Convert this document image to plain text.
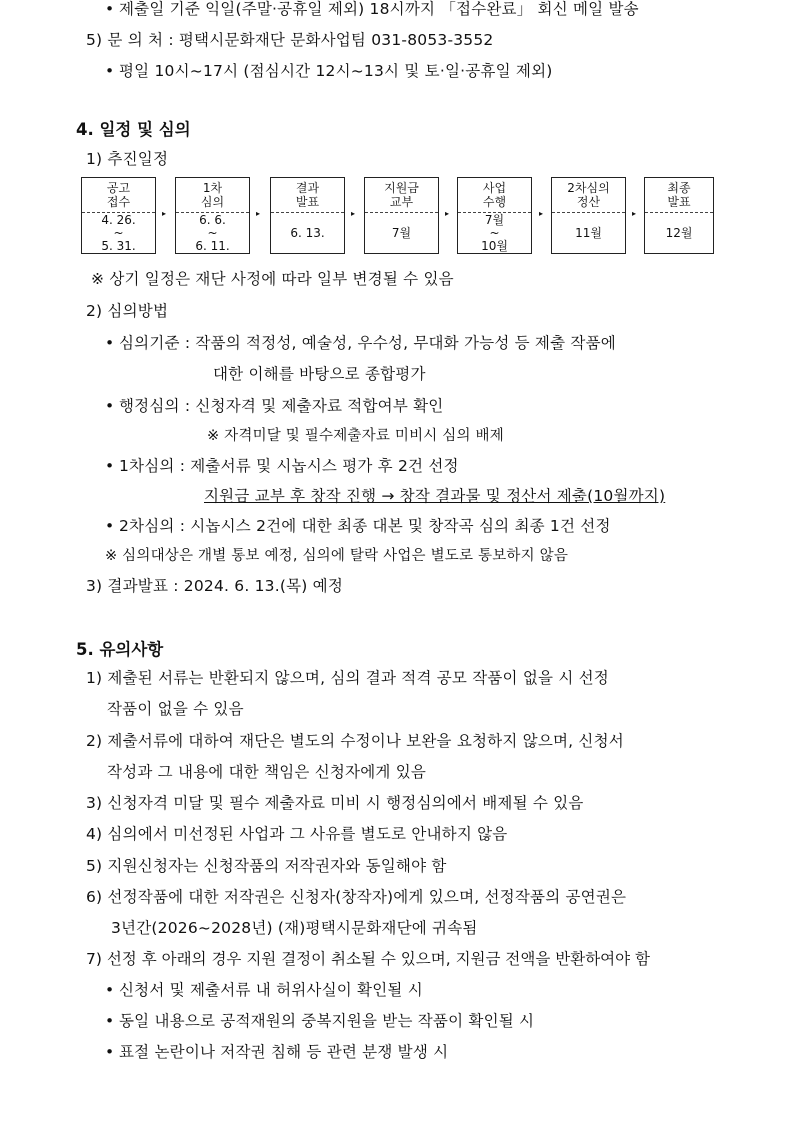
• 제출일 기준 익일(주말·공휴일 제외) 18시까지 「접수완료」 회신 메일 발송
5) 문 의 처 : 평택시문화재단 문화사업팀 031-8053-3552
• 평일 10시~17시 (점심시간 12시~13시 및 토·일·공휴일 제외)
4. 일정 및 심의
1) 추진일정
공고
접수
4. 26.
~
5. 31.
▸
1차
심의
6. 6.
~
6. 11.
▸
결과
발표
6. 13.
▸
지원금
교부
7월
▸
사업
수행
7월
~
10월
▸
2차심의
정산
11월
▸
최종
발표
12월
※ 상기 일정은 재단 사정에 따라 일부 변경될 수 있음
2) 심의방법
• 심의기준 : 작품의 적정성, 예술성, 우수성, 무대화 가능성 등 제출 작품에
대한 이해를 바탕으로 종합평가
• 행정심의 : 신청자격 및 제출자료 적합여부 확인
※ 자격미달 및 필수제출자료 미비시 심의 배제
• 1차심의 : 제출서류 및 시놉시스 평가 후 2건 선정
지원금 교부 후 창작 진행 → 창작 결과물 및 정산서 제출(10월까지)
• 2차심의 : 시놉시스 2건에 대한 최종 대본 및 창작곡 심의 최종 1건 선정
※ 심의대상은 개별 통보 예정, 심의에 탈락 사업은 별도로 통보하지 않음
3) 결과발표 : 2024. 6. 13.(목) 예정
5. 유의사항
1) 제출된 서류는 반환되지 않으며, 심의 결과 적격 공모 작품이 없을 시 선정
작품이 없을 수 있음
2) 제출서류에 대하여 재단은 별도의 수정이나 보완을 요청하지 않으며, 신청서
작성과 그 내용에 대한 책임은 신청자에게 있음
3) 신청자격 미달 및 필수 제출자료 미비 시 행정심의에서 배제될 수 있음
4) 심의에서 미선정된 사업과 그 사유를 별도로 안내하지 않음
5) 지원신청자는 신청작품의 저작권자와 동일해야 함
6) 선정작품에 대한 저작권은 신청자(창작자)에게 있으며, 선정작품의 공연권은
3년간(2026~2028년) (재)평택시문화재단에 귀속됨
7) 선정 후 아래의 경우 지원 결정이 취소될 수 있으며, 지원금 전액을 반환하여야 함
• 신청서 및 제출서류 내 허위사실이 확인될 시
• 동일 내용으로 공적재원의 중복지원을 받는 작품이 확인될 시
• 표절 논란이나 저작권 침해 등 관련 분쟁 발생 시
